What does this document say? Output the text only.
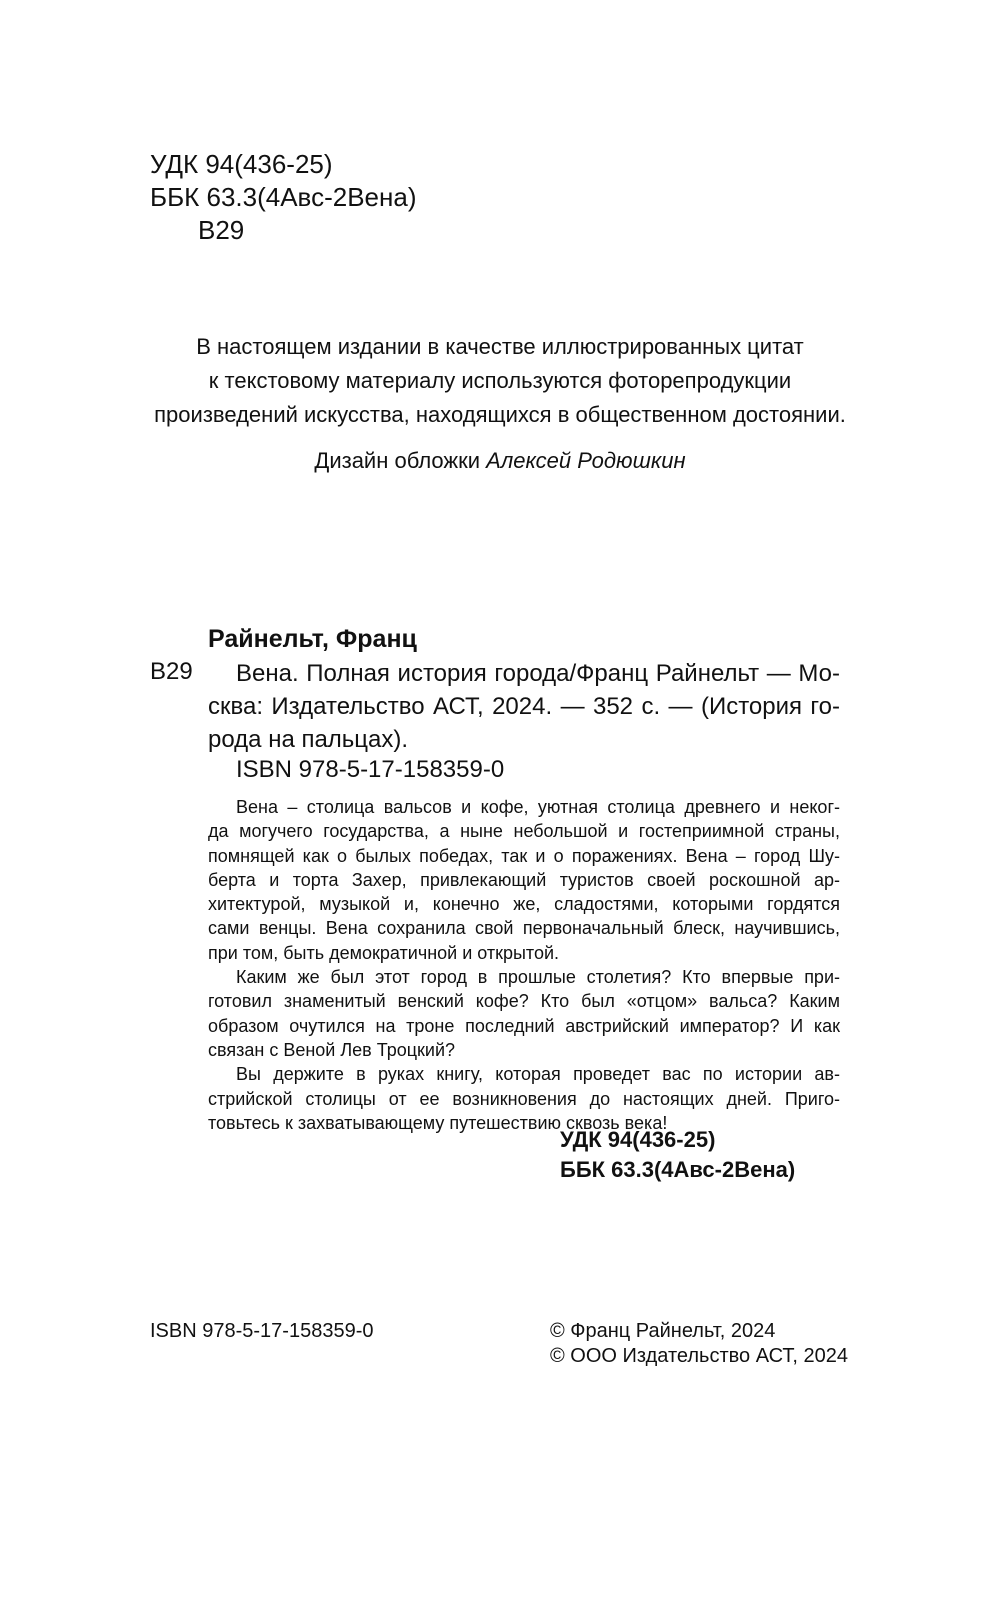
УДК 94(436-25)
ББК 63.3(4Авс-2Вена)
В29
В настоящем издании в качестве иллюстрированных цитат
к текстовому материалу используются фоторепродукции
произведений искусства, находящихся в общественном достоянии.
Дизайн обложки Алексей Родюшкин
Райнельт, Франц
В29	Вена. Полная история города/Франц Райнельт — Мо-
сква: Издательство АСТ, 2024. — 352 с. — (История го-
рода на пальцах).
ISBN 978-5-17-158359-0
Вена – столица вальсов и кофе, уютная столица древнего и неког-
да могучего государства, а ныне небольшой и гостеприимной страны,
помнящей как о былых победах, так и о поражениях. Вена – город Шу-
берта и торта Захер, привлекающий туристов своей роскошной ар-
хитектурой, музыкой и, конечно же, сладостями, которыми гордятся
сами венцы. Вена сохранила свой первоначальный блеск, научившись,
при том, быть демократичной и открытой.
Каким же был этот город в прошлые столетия? Кто впервые при-
готовил знаменитый венский кофе? Кто был «отцом» вальса? Каким
образом очутился на троне последний австрийский император? И как
связан с Веной Лев Троцкий?
Вы держите в руках книгу, которая проведет вас по истории ав-
стрийской столицы от ее возникновения до настоящих дней. Приго-
товьтесь к захватывающему путешествию сквозь века!
УДК 94(436-25)
ББК 63.3(4Авс-2Вена)
ISBN 978-5-17-158359-0	© Франц Райнельт, 2024
© ООО Издательство АСТ, 2024
